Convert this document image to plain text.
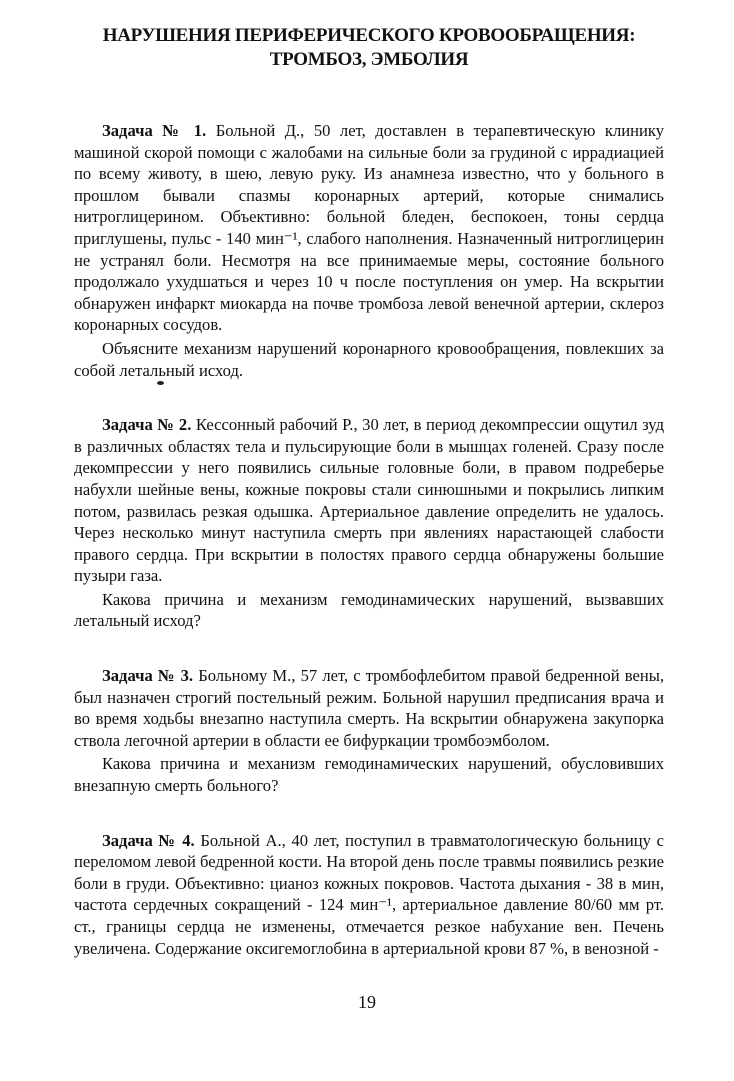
НАРУШЕНИЯ ПЕРИФЕРИЧЕСКОГО КРОВООБРАЩЕНИЯ:
ТРОМБОЗ, ЭМБОЛИЯ

Задача № 1. Больной Д., 50 лет, доставлен в терапевтическую клинику машиной скорой помощи с жалобами на сильные боли за грудиной с иррадиацией по всему животу, в шею, левую руку. Из анамнеза известно, что у больного в прошлом бывали спазмы коронарных артерий, которые снимались нитроглицерином. Объективно: больной бледен, беспокоен, тоны сердца приглушены, пульс - 140 мин⁻¹, слабого наполнения. Назначенный нитроглицерин не устранял боли. Несмотря на все принимаемые меры, состояние больного продолжало ухудшаться и через 10 ч после поступления он умер. На вскрытии обнаружен инфаркт миокарда на почве тромбоза левой венечной артерии, склероз коронарных сосудов.

Объясните механизм нарушений коронарного кровообращения, повлекших за собой летальный исход.

Задача № 2. Кессонный рабочий Р., 30 лет, в период декомпрессии ощутил зуд в различных областях тела и пульсирующие боли в мышцах голеней. Сразу после декомпрессии у него появились сильные головные боли, в правом подреберье набухли шейные вены, кожные покровы стали синюшными и покрылись липким потом, развилась резкая одышка. Артериальное давление определить не удалось. Через несколько минут наступила смерть при явлениях нарастающей слабости правого сердца. При вскрытии в полостях правого сердца обнаружены большие пузыри газа.

Какова причина и механизм гемодинамических нарушений, вызвавших летальный исход?

Задача № 3. Больному М., 57 лет, с тромбофлебитом правой бедренной вены, был назначен строгий постельный режим. Больной нарушил предписания врача и во время ходьбы внезапно наступила смерть. На вскрытии обнаружена закупорка ствола легочной артерии в области ее бифуркации тромбоэмболом.

Какова причина и механизм гемодинамических нарушений, обусловивших внезапную смерть больного?

Задача № 4. Больной А., 40 лет, поступил в травматологическую больницу с переломом левой бедренной кости. На второй день после травмы появились резкие боли в груди. Объективно: цианоз кожных покровов. Частота дыхания - 38 в мин, частота сердечных сокращений - 124 мин⁻¹, артериальное давление 80/60 мм рт. ст., границы сердца не изменены, отмечается резкое набухание вен. Печень увеличена. Содержание оксигемоглобина в артериальной крови 87 %, в венозной -

19
